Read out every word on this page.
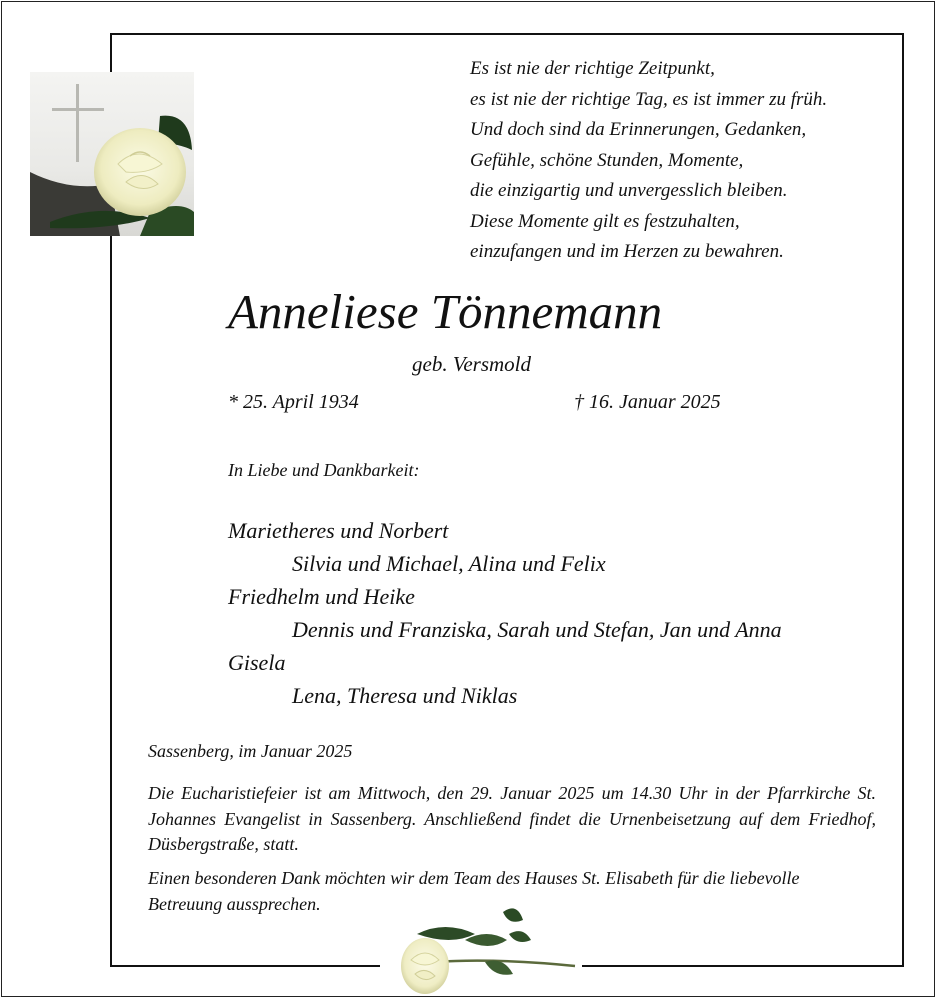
Es ist nie der richtige Zeitpunkt,
es ist nie der richtige Tag, es ist immer zu früh.
Und doch sind da Erinnerungen, Gedanken,
Gefühle, schöne Stunden, Momente,
die einzigartig und unvergesslich bleiben.
Diese Momente gilt es festzuhalten,
einzufangen und im Herzen zu bewahren.
Anneliese Tönnemann
geb. Versmold
* 25. April 1934	† 16. Januar 2025
In Liebe und Dankbarkeit:
Marietheres und Norbert
Silvia und Michael, Alina und Felix
Friedhelm und Heike
Dennis und Franziska, Sarah und Stefan, Jan und Anna
Gisela
Lena, Theresa und Niklas
Sassenberg, im Januar 2025
Die Eucharistiefeier ist am Mittwoch, den 29. Januar 2025 um 14.30 Uhr in der Pfarrkirche St. Johannes Evangelist in Sassenberg. Anschließend findet die Urnenbeisetzung auf dem Friedhof, Düsbergstraße, statt.
Einen besonderen Dank möchten wir dem Team des Hauses St. Elisabeth für die liebevolle Betreuung aussprechen.
